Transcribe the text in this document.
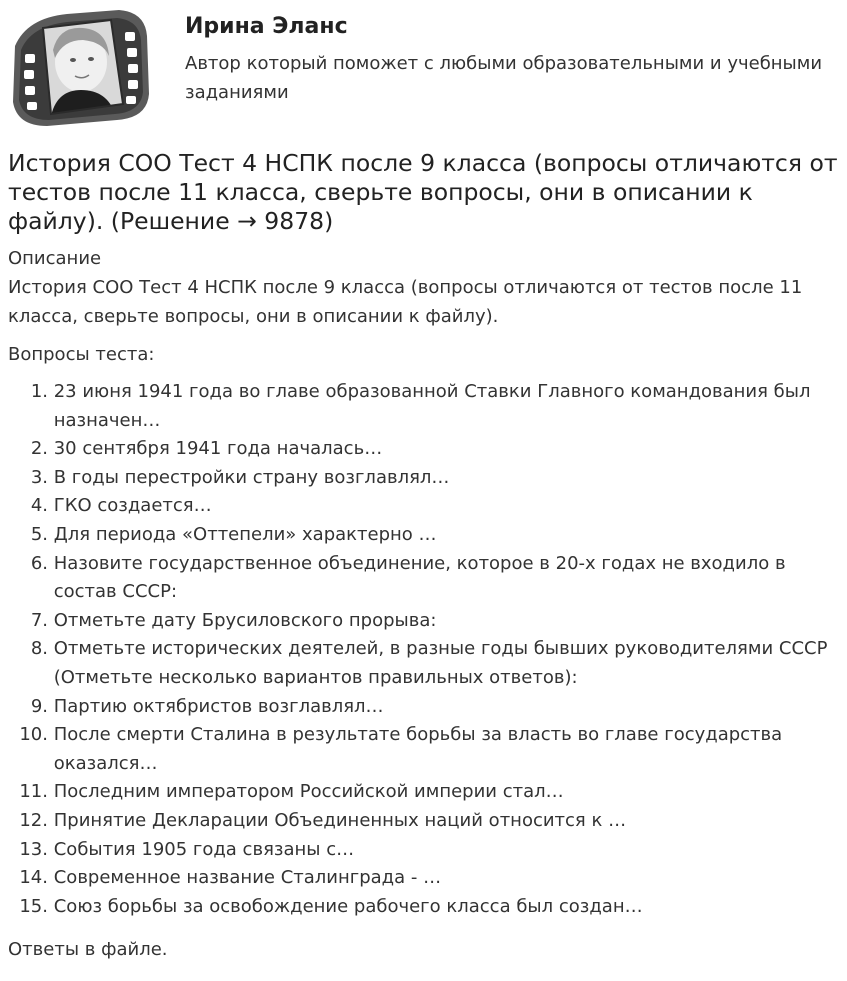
Ирина Эланс
Автор который поможет с любыми образовательными и учебными заданиями
История СОО Тест 4 НСПК после 9 класса (вопросы отличаются от тестов после 11 класса, сверьте вопросы, они в описании к файлу). (Решение → 9878)
Описание
История СОО Тест 4 НСПК после 9 класса (вопросы отличаются от тестов после 11 класса, сверьте вопросы, они в описании к файлу).
Вопросы теста:
1.
23 июня 1941 года во главе образованной Ставки Главного командования был назначен…
2.
30 сентября 1941 года началась…
3.
В годы перестройки страну возглавлял…
4.
ГКО создается…
5.
Для периода «Оттепели» характерно …
6.
Назовите государственное объединение, которое в 20-х годах не входило в состав СССР:
7.
Отметьте дату Брусиловского прорыва:
8.
Отметьте исторических деятелей, в разные годы бывших руководителями СССР (Отметьте несколько вариантов правильных ответов):
9.
Партию октябристов возглавлял…
10.
После смерти Сталина в результате борьбы за власть во главе государства оказался…
11.
Последним императором Российской империи стал…
12.
Принятие Декларации Объединенных наций относится к …
13.
События 1905 года связаны с…
14.
Современное название Сталинграда - …
15.
Союз борьбы за освобождение рабочего класса был создан…
Ответы в файле.
